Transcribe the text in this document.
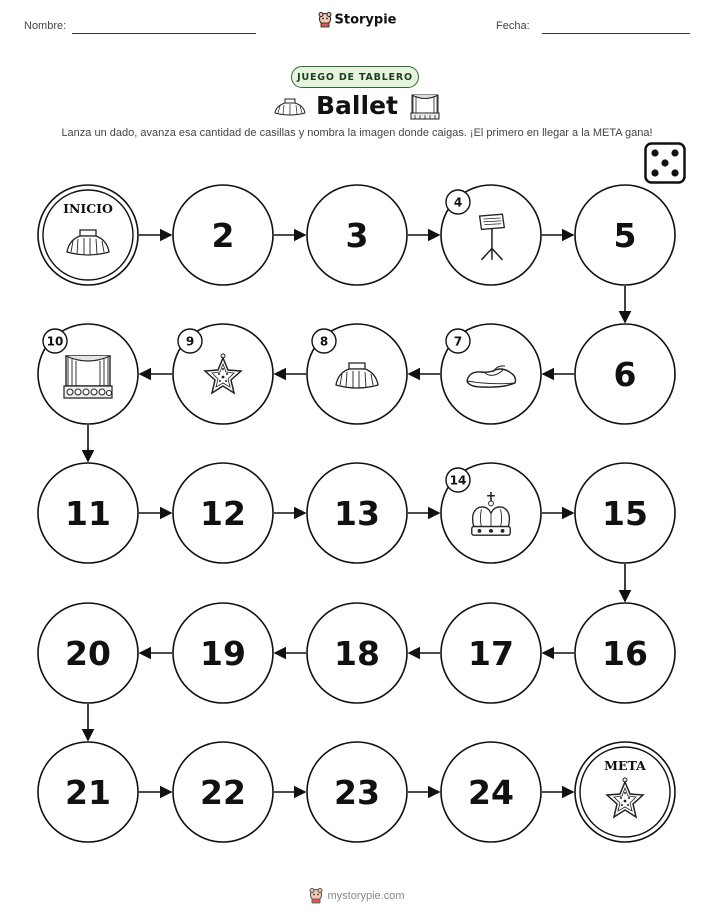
Nombre:	Storypie	Fecha:
JUEGO DE TABLERO
Ballet
Lanza un dado, avanza esa cantidad de casillas y nombra la imagen donde caigas. ¡El primero en llegar a la META gana!
INICIO
2	3
4
5
6
7
8
9
10
11	12	13
14
15
16
17
18
19
20
21	22	23	24
META
mystorypie.com
